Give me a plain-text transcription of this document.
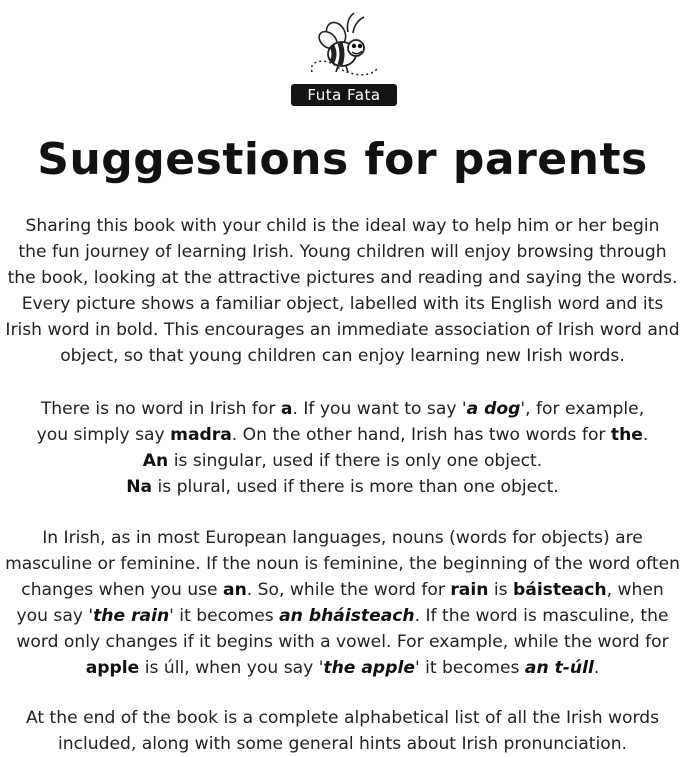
Futa Fata
Suggestions for parents

Sharing this book with your child is the ideal way to help him or her begin
the fun journey of learning Irish. Young children will enjoy browsing through
the book, looking at the attractive pictures and reading and saying the words.
Every picture shows a familiar object, labelled with its English word and its
Irish word in bold. This encourages an immediate association of Irish word and
object, so that young children can enjoy learning new Irish words.

There is no word in Irish for a. If you want to say 'a dog', for example,
you simply say madra. On the other hand, Irish has two words for the.
An is singular, used if there is only one object.
Na is plural, used if there is more than one object.

In Irish, as in most European languages, nouns (words for objects) are
masculine or feminine. If the noun is feminine, the beginning of the word often
changes when you use an. So, while the word for rain is báisteach, when
you say 'the rain' it becomes an bháisteach. If the word is masculine, the
word only changes if it begins with a vowel. For example, while the word for
apple is úll, when you say 'the apple' it becomes an t-úll.

At the end of the book is a complete alphabetical list of all the Irish words
included, along with some general hints about Irish pronunciation.
